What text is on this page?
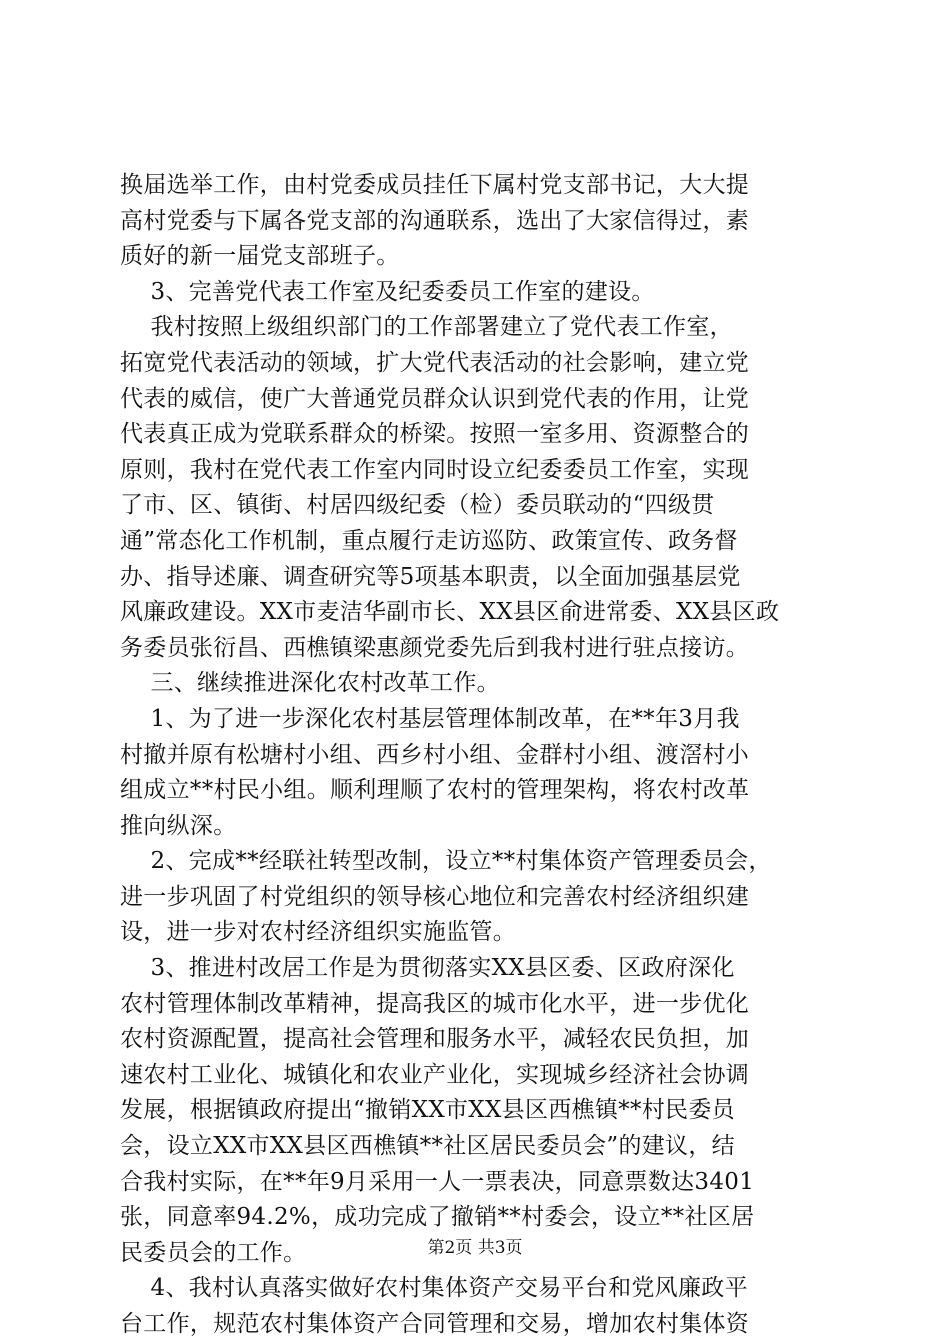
换届选举工作，由村党委成员挂任下属村党支部书记，大大提
高村党委与下属各党支部的沟通联系，选出了大家信得过，素
质好的新一届党支部班子。
3、完善党代表工作室及纪委委员工作室的建设。
我村按照上级组织部门的工作部署建立了党代表工作室，
拓宽党代表活动的领域，扩大党代表活动的社会影响，建立党
代表的威信，使广大普通党员群众认识到党代表的作用，让党
代表真正成为党联系群众的桥梁。按照一室多用、资源整合的
原则，我村在党代表工作室内同时设立纪委委员工作室，实现
了市、区、镇街、村居四级纪委（检）委员联动的“四级贯
通”常态化工作机制，重点履行走访巡防、政策宣传、政务督
办、指导述廉、调查研究等5项基本职责，以全面加强基层党
风廉政建设。XX市麦洁华副市长、XX县区俞进常委、XX县区政
务委员张衍昌、西樵镇梁惠颜党委先后到我村进行驻点接访。
三、继续推进深化农村改革工作。
1、为了进一步深化农村基层管理体制改革，在**年3月我
村撤并原有松塘村小组、西乡村小组、金群村小组、渡滘村小
组成立**村民小组。顺利理顺了农村的管理架构，将农村改革
推向纵深。
2、完成**经联社转型改制，设立**村集体资产管理委员会，
进一步巩固了村党组织的领导核心地位和完善农村经济组织建
设，进一步对农村经济组织实施监管。
3、推进村改居工作是为贯彻落实XX县区委、区政府深化
农村管理体制改革精神，提高我区的城市化水平，进一步优化
农村资源配置，提高社会管理和服务水平，减轻农民负担，加
速农村工业化、城镇化和农业产业化，实现城乡经济社会协调
发展，根据镇政府提出“撤销XX市XX县区西樵镇**村民委员
会，设立XX市XX县区西樵镇**社区居民委员会”的建议，结
合我村实际，在**年9月采用一人一票表决，同意票数达3401
张，同意率94.2%，成功完成了撤销**村委会，设立**社区居
民委员会的工作。
4、我村认真落实做好农村集体资产交易平台和党风廉政平
台工作，规范农村集体资产合同管理和交易，增加农村集体资
第2页 共3页
